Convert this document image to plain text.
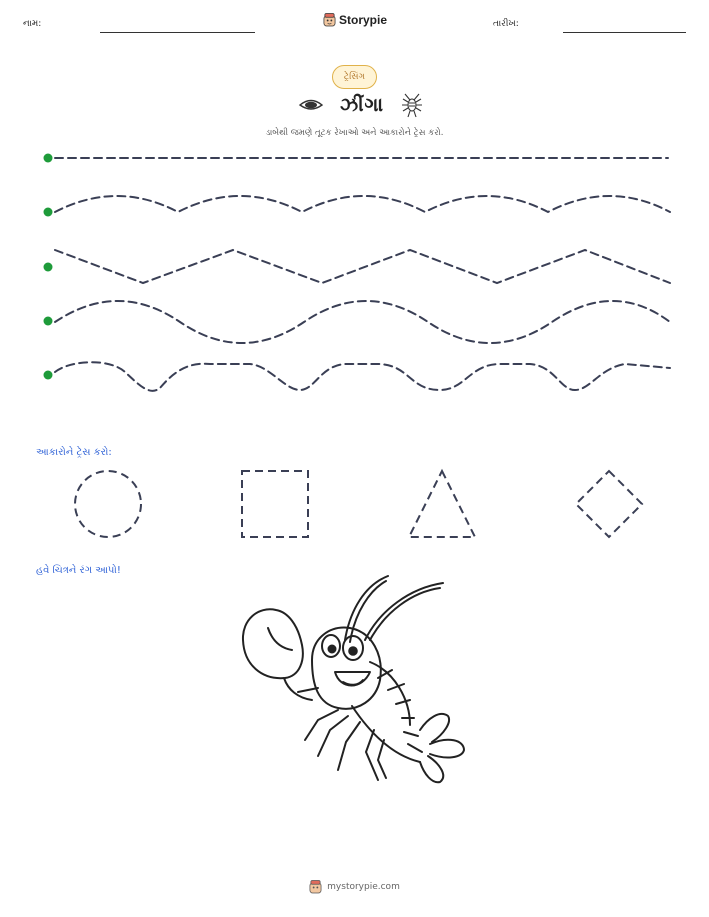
નામ:	Storypie	તારીખ:
ટ્રેસિંગ
ઝીંગા
ડાબેથી જમણે તૂટક રેખાઓ અને આકારોને ટ્રેસ કરો.
આકારોને ટ્રેસ કરો:
હવે ચિત્રને રંગ આપો!
mystorypie.com
